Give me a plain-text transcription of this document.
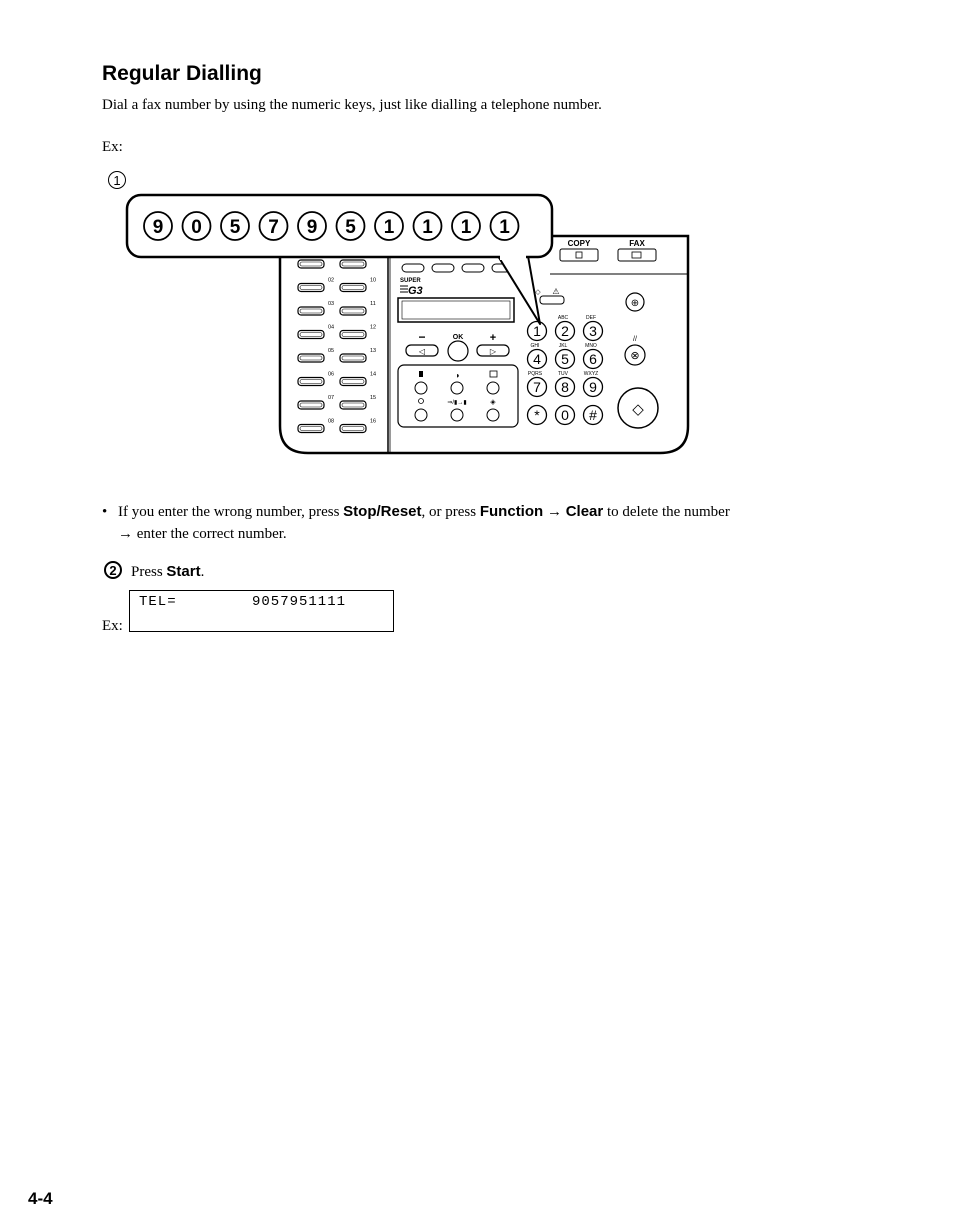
Regular Dialling
Dial a fax number by using the numeric keys, just like dialling a telephone number.
Ex:
1
COPY	FAX
02	10
03	11
04	12
05	13
06	14
07	15
08	16
SUPER
G3
−
◁
OK +
▷
◑
⇒/▮→▮	◈
⚠
◇
1 2
ABC
3
DEF
4
GHI
5
JKL
6
MNO
7
PQRS
8
TUV
9
WXYZ
* 0 #
⊕
//
⊗
◇
9 0 5 7 9 5 1 1 1 1
• If you enter the wrong number, press Stop/Reset, or press Function → Clear to delete the number
→ enter the correct number.
2 Press Start.
TEL=	9057951111
Ex:
4-4
